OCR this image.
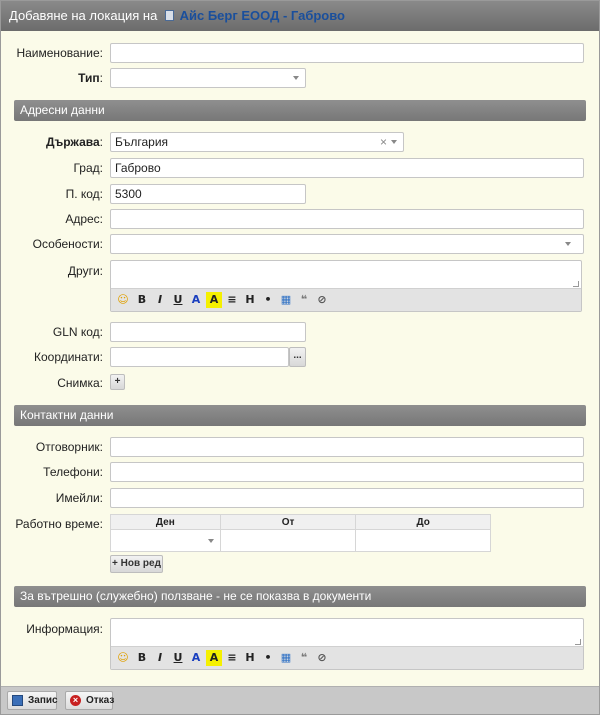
Добавяне на локация на Айс Берг ЕООД - Габрово
Наименование:
Тип:
Адресни данни
Държава:	България	×
Град:	Габрово
П. код:	5300
Адрес:
Особености:
Други:
☺ B	I	U A A ≡ H • ▦ ❝ ⊘
GLN код:
Координати:	...
Снимка:	+
Контактни данни
Отговорник:
Телефони:
Имейли:
Работно време:	Ден	От	До

+ Нов ред
За вътрешно (служебно) ползване - не се показва в документи
Информация:
☺ B	I	U A A ≡ H • ▦ ❝ ⊘
Запис	× Отказ
